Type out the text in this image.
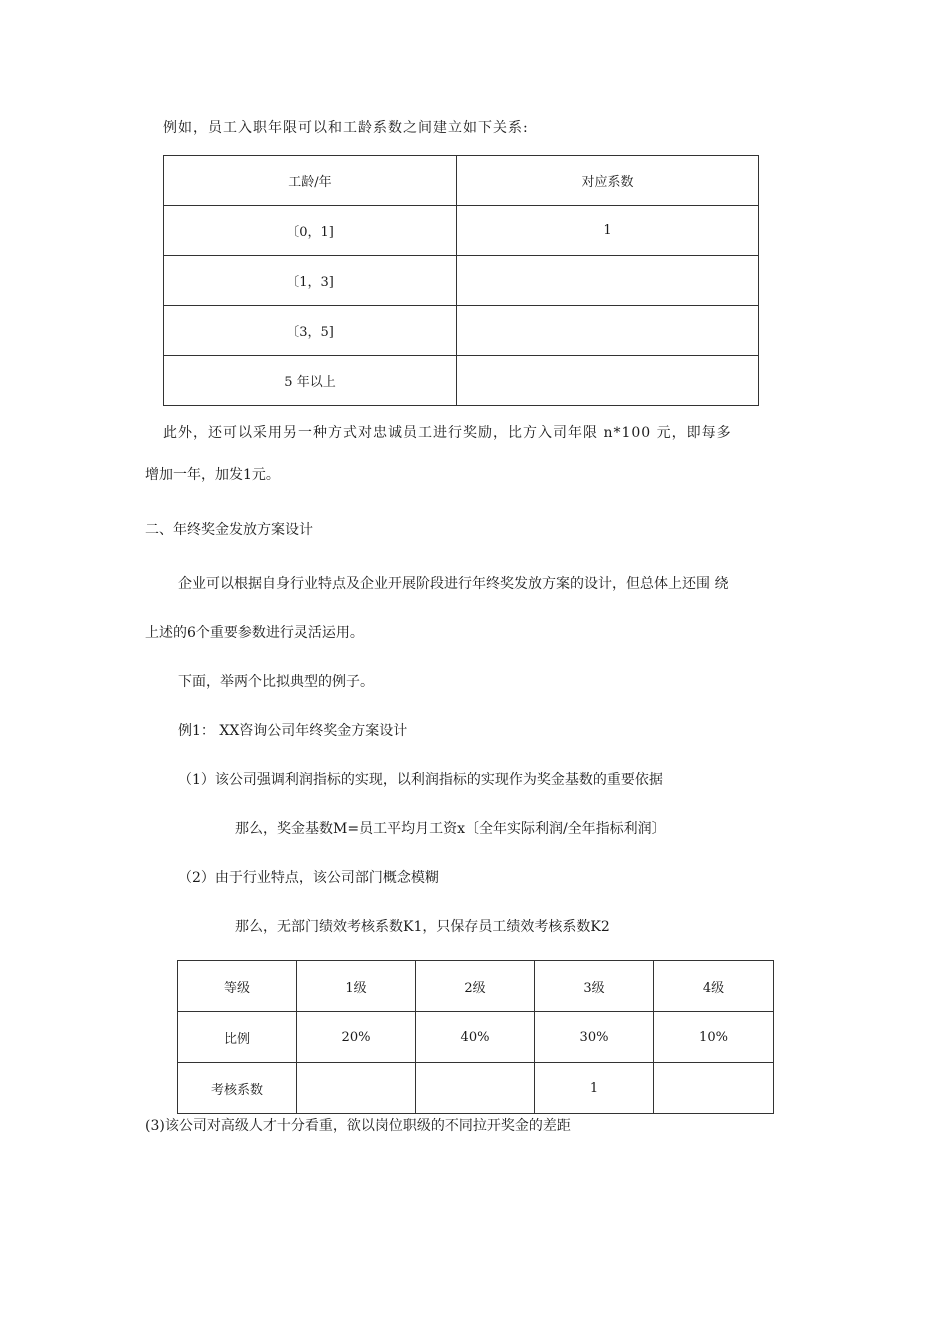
例如，员工入职年限可以和工龄系数之间建立如下关系:
工龄/年	对应系数
〔0，1]	1
〔1，3]	
〔3，5]	
5 年以上	
此外，还可以采用另一种方式对忠诚员工进行奖励，比方入司年限 n*100 元，即每多
增加一年，加发1元。
二、年终奖金发放方案设计
企业可以根据自身行业特点及企业开展阶段进行年终奖发放方案的设计，但总体上还围 绕
上述的6个重要参数进行灵活运用。
下面，举两个比拟典型的例子。
例1： XX咨询公司年终奖金方案设计
（1）该公司强调利润指标的实现，以利润指标的实现作为奖金基数的重要依据
那么，奖金基数M=员工平均月工资x〔全年实际利润/全年指标利润〕
（2）由于行业特点，该公司部门概念模糊
那么，无部门绩效考核系数K1，只保存员工绩效考核系数K2
等级	1级	2级	3级	4级
比例	20%	40%	30%	10%
考核系数			1	
(3)该公司对高级人才十分看重，欲以岗位职级的不同拉开奖金的差距
